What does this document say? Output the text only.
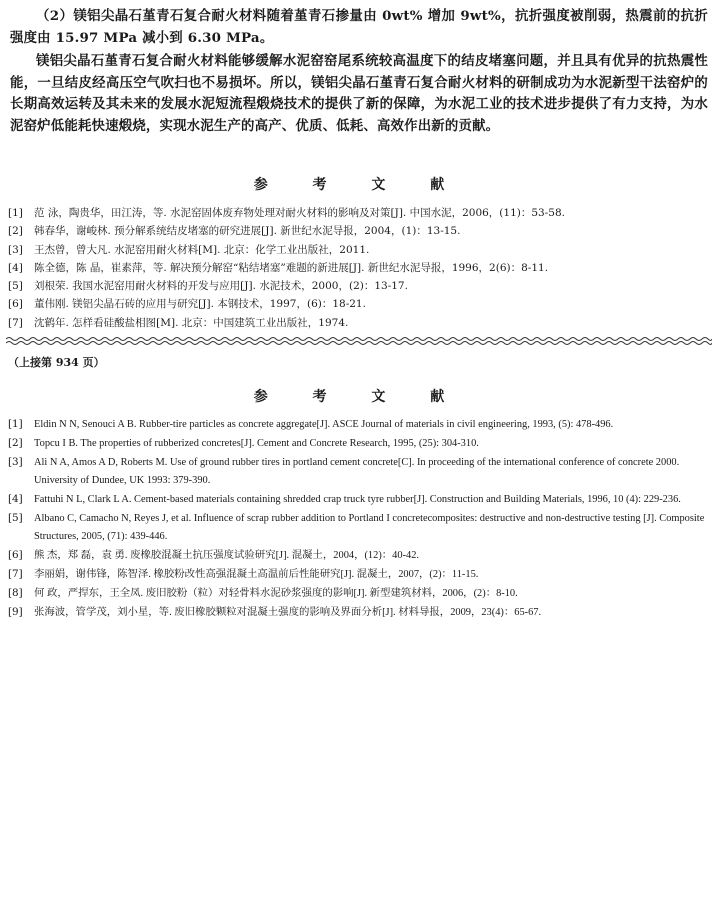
（2）镁铝尖晶石堇青石复合耐火材料随着堇青石掺量由 0wt% 增加 9wt%，抗折强度被削弱，热震前的抗折强度由 15.97 MPa 减小到 6.30 MPa。
镁铝尖晶石堇青石复合耐火材料能够缓解水泥窑窑尾系统较高温度下的结皮堵塞问题，并且具有优异的抗热震性能，一旦结皮经高压空气吹扫也不易损坏。所以，镁铝尖晶石堇青石复合耐火材料的研制成功为水泥新型干法窑炉的长期高效运转及其未来的发展水泥短流程煅烧技术的提供了新的保障，为水泥工业的技术进步提供了有力支持，为水泥窑炉低能耗快速煅烧，实现水泥生产的高产、优质、低耗、高效作出新的贡献。
参 考 文 献
[1]	范 泳，陶贵华，田江涛，等. 水泥窑固体废弃物处理对耐火材料的影响及对策[J]. 中国水泥，2006，(11)：53-58.
[2]	韩春华，谢峻林. 预分解系统结皮堵塞的研究进展[J]. 新世纪水泥导报，2004，(1)：13-15.
[3]	王杰曾，曾大凡. 水泥窑用耐火材料[M]. 北京：化学工业出版社，2011.
[4]	陈全德，陈 晶，崔素萍，等. 解决预分解窑“粘结堵塞”难题的新进展[J]. 新世纪水泥导报，1996，2(6)：8-11.
[5]	刘根荣. 我国水泥窑用耐火材料的开发与应用[J]. 水泥技术，2000，(2)：13-17.
[6]	董伟刚. 镁铝尖晶石砖的应用与研究[J]. 本钢技术，1997，(6)：18-21.
[7]	沈鹤年. 怎样看硅酸盐相图[M]. 北京：中国建筑工业出版社，1974.
（上接第 934 页）
参 考 文 献
[1]	Eldin N N, Senouci A B. Rubber-tire particles as concrete aggregate[J]. ASCE Journal of materials in civil engineering, 1993, (5): 478-496.
[2]	Topcu I B. The properties of rubberized concretes[J]. Cement and Concrete Research, 1995, (25): 304-310.
[3]	Ali N A, Amos A D, Roberts M. Use of ground rubber tires in portland cement concrete[C]. In proceeding of the international conference of concrete 2000. University of Dundee, UK 1993: 379-390.
[4]	Fattuhi N L, Clark L A. Cement-based materials containing shredded crap truck tyre rubber[J]. Construction and Building Materials, 1996, 10 (4): 229-236.
[5]	Albano C, Camacho N, Reyes J, et al. Influence of scrap rubber addition to Portland I concretecomposites: destructive and non-destructive testing [J]. Composite Structures, 2005, (71): 439-446.
[6]	熊 杰，郑 磊，袁 勇. 废橡胶混凝土抗压强度试验研究[J]. 混凝土，2004，(12)：40-42.
[7]	李丽娟，谢伟锋，陈智泽. 橡胶粉改性高强混凝土高温前后性能研究[J]. 混凝土，2007，(2)：11-15.
[8]	何 政，严捍东，王全凤. 废旧胶粉（粒）对轻骨料水泥砂浆强度的影响[J]. 新型建筑材料，2006，(2)：8-10.
[9]	张海波，管学茂，刘小星，等. 废旧橡胶颗粒对混凝土强度的影响及界面分析[J]. 材料导报，2009，23(4)：65-67.
